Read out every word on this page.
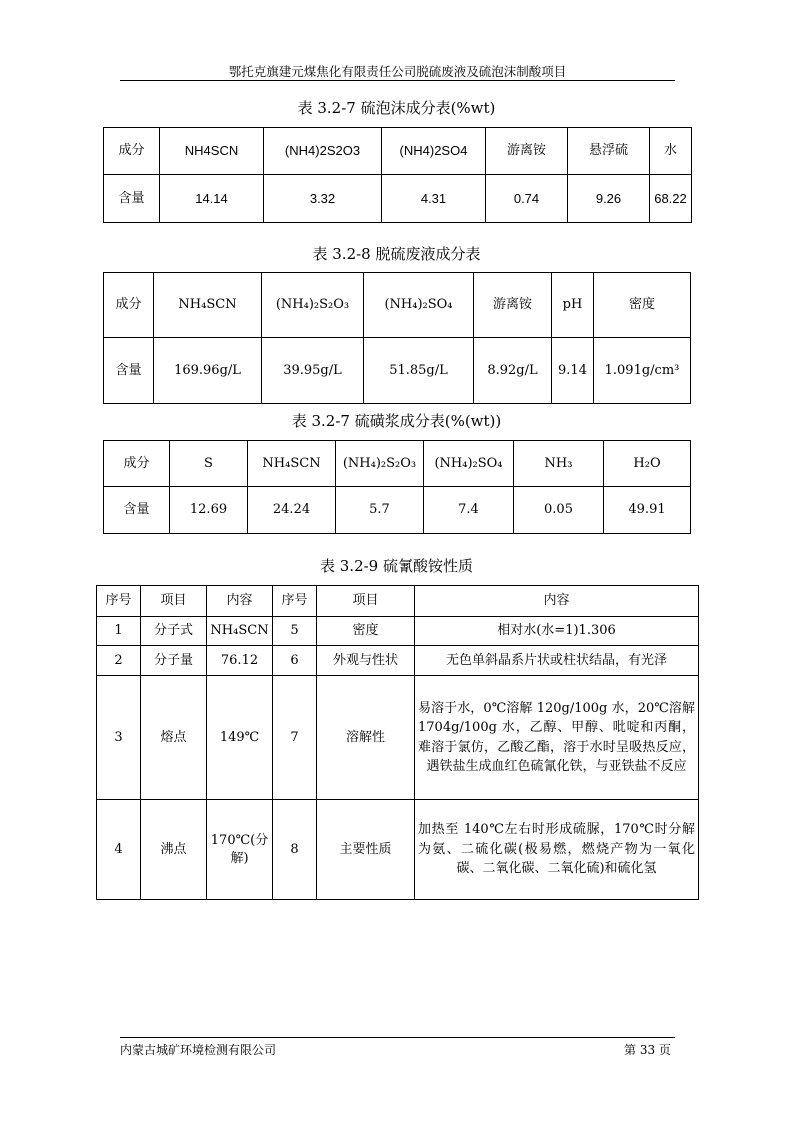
鄂托克旗建元煤焦化有限责任公司脱硫废液及硫泡沫制酸项目
表 3.2-7 硫泡沫成分表(%wt)
成分	NH4SCN	(NH4)2S2O3	(NH4)2SO4	游离铵	悬浮硫	水
含量	14.14	3.32	4.31	0.74	9.26	68.22
表 3.2-8 脱硫废液成分表
成分	NH₄SCN	(NH₄)₂S₂O₃	(NH₄)₂SO₄	游离铵	pH	密度
含量	169.96g/L	39.95g/L	51.85g/L	8.92g/L	9.14	1.091g/cm³
表 3.2-7 硫磺浆成分表(%(wt))
成分	S	NH₄SCN	(NH₄)₂S₂O₃	(NH₄)₂SO₄	NH₃	H₂O
含量	12.69	24.24	5.7	7.4	0.05	49.91
表 3.2-9 硫氰酸铵性质
序号	项目	内容	序号	项目	内容
1	分子式	NH₄SCN	5	密度	相对水(水=1)1.306
2	分子量	76.12	6	外观与性状	无色单斜晶系片状或柱状结晶，有光泽
3	熔点	149℃	7	溶解性	易溶于水，0℃溶解 120g/100g 水，20℃溶解 1704g/100g 水，乙醇、甲醇、吡啶和丙酮，难溶于氯仿，乙酸乙酯，溶于水时呈吸热反应，遇铁盐生成血红色硫氰化铁，与亚铁盐不反应
4	沸点	170℃(分解)	8	主要性质	加热至 140℃左右时形成硫脲，170℃时分解为氨、二硫化碳(极易燃，燃烧产物为一氧化碳、二氧化碳、二氧化硫)和硫化氢
内蒙古城矿环境检测有限公司	第 33 页
